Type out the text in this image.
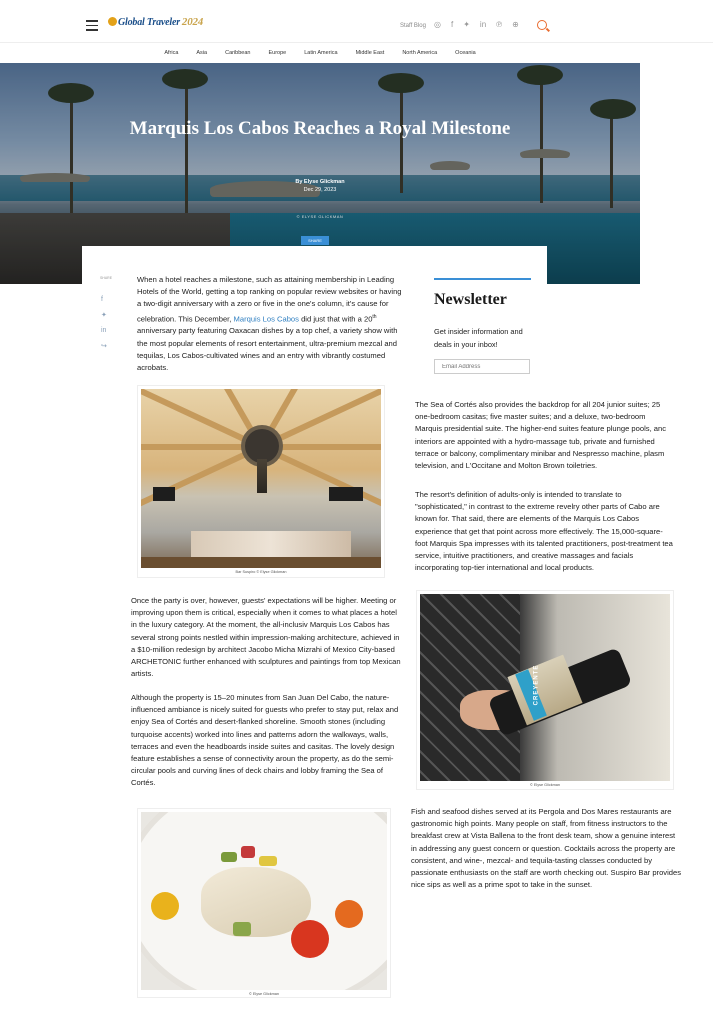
Global Traveler 2024	Staff Blog ◎ f ✦ in ℗ ⊕
Africa	Asia	Caribbean	Europe	Latin America	Middle East	North America	Oceania
Marquis Los Cabos Reaches a Royal Milestone
By Elyse Glickman
Dec 29, 2023
© ELYSE GLICKMAN
SHARE
SHARE
f
✦
in
↪
When a hotel reaches a milestone, such as attaining membership in Leading Hotels of the World, getting a top ranking on popular review websites or having a two-digit anniversary with a zero or five in the one's column, it's cause for celebration. This December, Marquis Los Cabos did just that with a 20th anniversary party featuring Oaxacan dishes by a top chef, a variety show with the most popular elements of resort entertainment, ultra-premium mezcal and tequilas, Los Cabos-cultivated wines and an entry with vibrantly costumed acrobats.
Bar Suspiro © Elyse Glickman
Once the party is over, however, guests' expectations will be higher. Meeting or improving upon them is critical, especially when it comes to what places a hotel in the luxury category. At the moment, the all-inclusiv Marquis Los Cabos has several strong points nestled within impression-making architecture, achieved in a $10-million redesign by architect Jacobo Micha Mizrahi of Mexico City-based ARCHETONIC further enhanced with sculptures and paintings from top Mexican artists.
Although the property is 15–20 minutes from San Juan Del Cabo, the nature-influenced ambiance is nicely suited for guests who prefer to stay put, relax and enjoy Sea of Cortés and desert-flanked shoreline. Smooth stones (including turquoise accents) worked into lines and patterns adorn the walkways, walls, terraces and even the headboards inside suites and casitas. The lovely design feature establishes a sense of connectivity aroun the property, as do the semi-circular pools and curving lines of deck chairs and lobby framing the Sea of Cortés.
© Elyse Glickman
Newsletter
Get insider information and deals in your inbox!
Email Address
The Sea of Cortés also provides the backdrop for all 204 junior suites; 25 one-bedroom casitas; five master suites; and a deluxe, two-bedroom Marquis presidential suite. The higher-end suites feature plunge pools, anc interiors are appointed with a hydro-massage tub, private and furnished terrace or balcony, complimentary minibar and Nespresso machine, plasm television, and L'Occitane and Molton Brown toiletries.
The resort's definition of adults-only is intended to translate to "sophisticated," in contrast to the extreme revelry other parts of Cabo are known for. That said, there are elements of the Marquis Los Cabos experience that get that point across more effectively. The 15,000-square-foot Marquis Spa impresses with its talented practitioners, post-treatment tea service, intuitive practitioners, and creative massages and facials incorporating top-tier international and local products.
CREYENTE
© Elyse Glickman
Fish and seafood dishes served at its Pergola and Dos Mares restaurants are gastronomic high points. Many people on staff, from fitness instructors to the breakfast crew at Vista Ballena to the front desk team, show a genuine interest in addressing any guest concern or question. Cocktails across the property are consistent, and wine-, mezcal- and tequila-tasting classes conducted by passionate enthusiasts on the staff are worth checking out. Suspiro Bar provides nice sips as well as a prime spot to take in the sunset.
